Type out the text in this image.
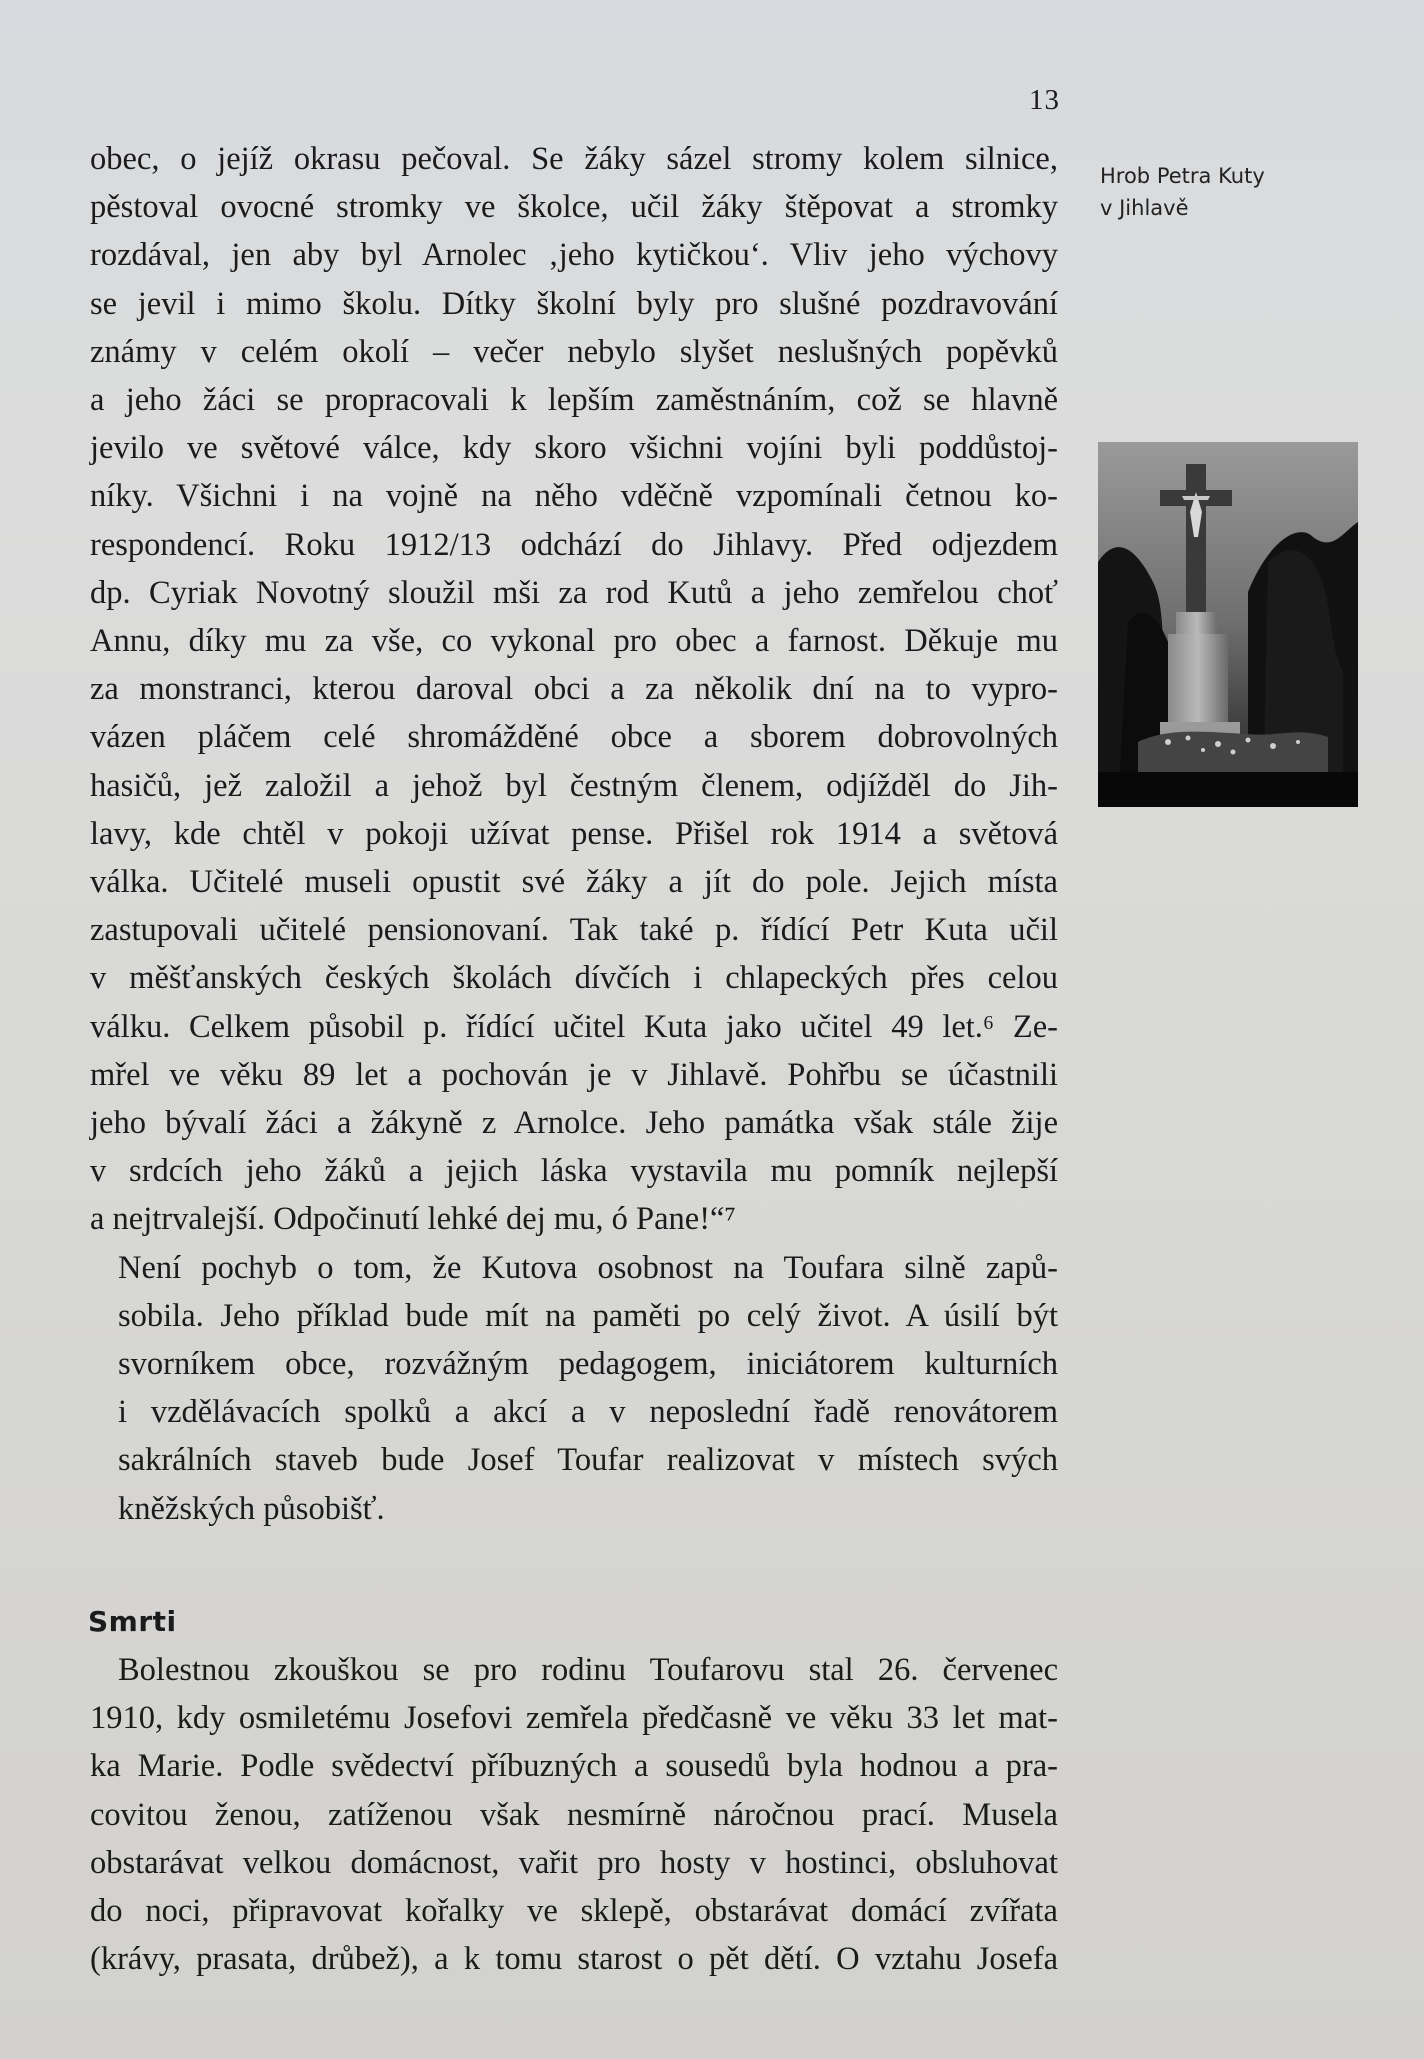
13
Hrob Petra Kuty
v Jihlavě

obec, o jejíž okrasu pečoval. Se žáky sázel stromy kolem silnice,
pěstoval ovocné stromky ve školce, učil žáky štěpovat a stromky
rozdával, jen aby byl Arnolec ‚jeho kytičkou‘. Vliv jeho výchovy
se jevil i mimo školu. Dítky školní byly pro slušné pozdravování
známy v celém okolí – večer nebylo slyšet neslušných popěvků
a jeho žáci se propracovali k lepším zaměstnáním, což se hlavně
jevilo ve světové válce, kdy skoro všichni vojíni byli poddůstoj-
níky. Všichni i na vojně na něho vděčně vzpomínali četnou ko-
respondencí. Roku 1912/13 odchází do Jihlavy. Před odjezdem
dp. Cyriak Novotný sloužil mši za rod Kutů a jeho zemřelou choť
Annu, díky mu za vše, co vykonal pro obec a farnost. Děkuje mu
za monstranci, kterou daroval obci a za několik dní na to vypro-
vázen pláčem celé shromážděné obce a sborem dobrovolných
hasičů, jež založil a jehož byl čestným členem, odjížděl do Jih-
lavy, kde chtěl v pokoji užívat pense. Přišel rok 1914 a světová
válka. Učitelé museli opustit své žáky a jít do pole. Jejich místa
zastupovali učitelé pensionovaní. Tak také p. řídící Petr Kuta učil
v měšťanských českých školách dívčích i chlapeckých přes celou
válku. Celkem působil p. řídící učitel Kuta jako učitel 49 let.⁶ Ze-
mřel ve věku 89 let a pochován je v Jihlavě. Pohřbu se účastnili
jeho bývalí žáci a žákyně z Arnolce. Jeho památka však stále žije
v srdcích jeho žáků a jejich láska vystavila mu pomník nejlepší
a nejtrvalejší. Odpočinutí lehké dej mu, ó Pane!“⁷

Není pochyb o tom, že Kutova osobnost na Toufara silně zapů-
sobila. Jeho příklad bude mít na paměti po celý život. A úsilí být
svorníkem obce, rozvážným pedagogem, iniciátorem kulturních
i vzdělávacích spolků a akcí a v neposlední řadě renovátorem
sakrálních staveb bude Josef Toufar realizovat v místech svých
kněžských působišť.

Smrti

Bolestnou zkouškou se pro rodinu Toufarovu stal 26. červenec
1910, kdy osmiletému Josefovi zemřela předčasně ve věku 33 let mat-
ka Marie. Podle svědectví příbuzných a sousedů byla hodnou a pra-
covitou ženou, zatíženou však nesmírně náročnou prací. Musela
obstarávat velkou domácnost, vařit pro hosty v hostinci, obsluhovat
do noci, připravovat kořalky ve sklepě, obstarávat domácí zvířata
(krávy, prasata, drůbež), a k tomu starost o pět dětí. O vztahu Josefa
